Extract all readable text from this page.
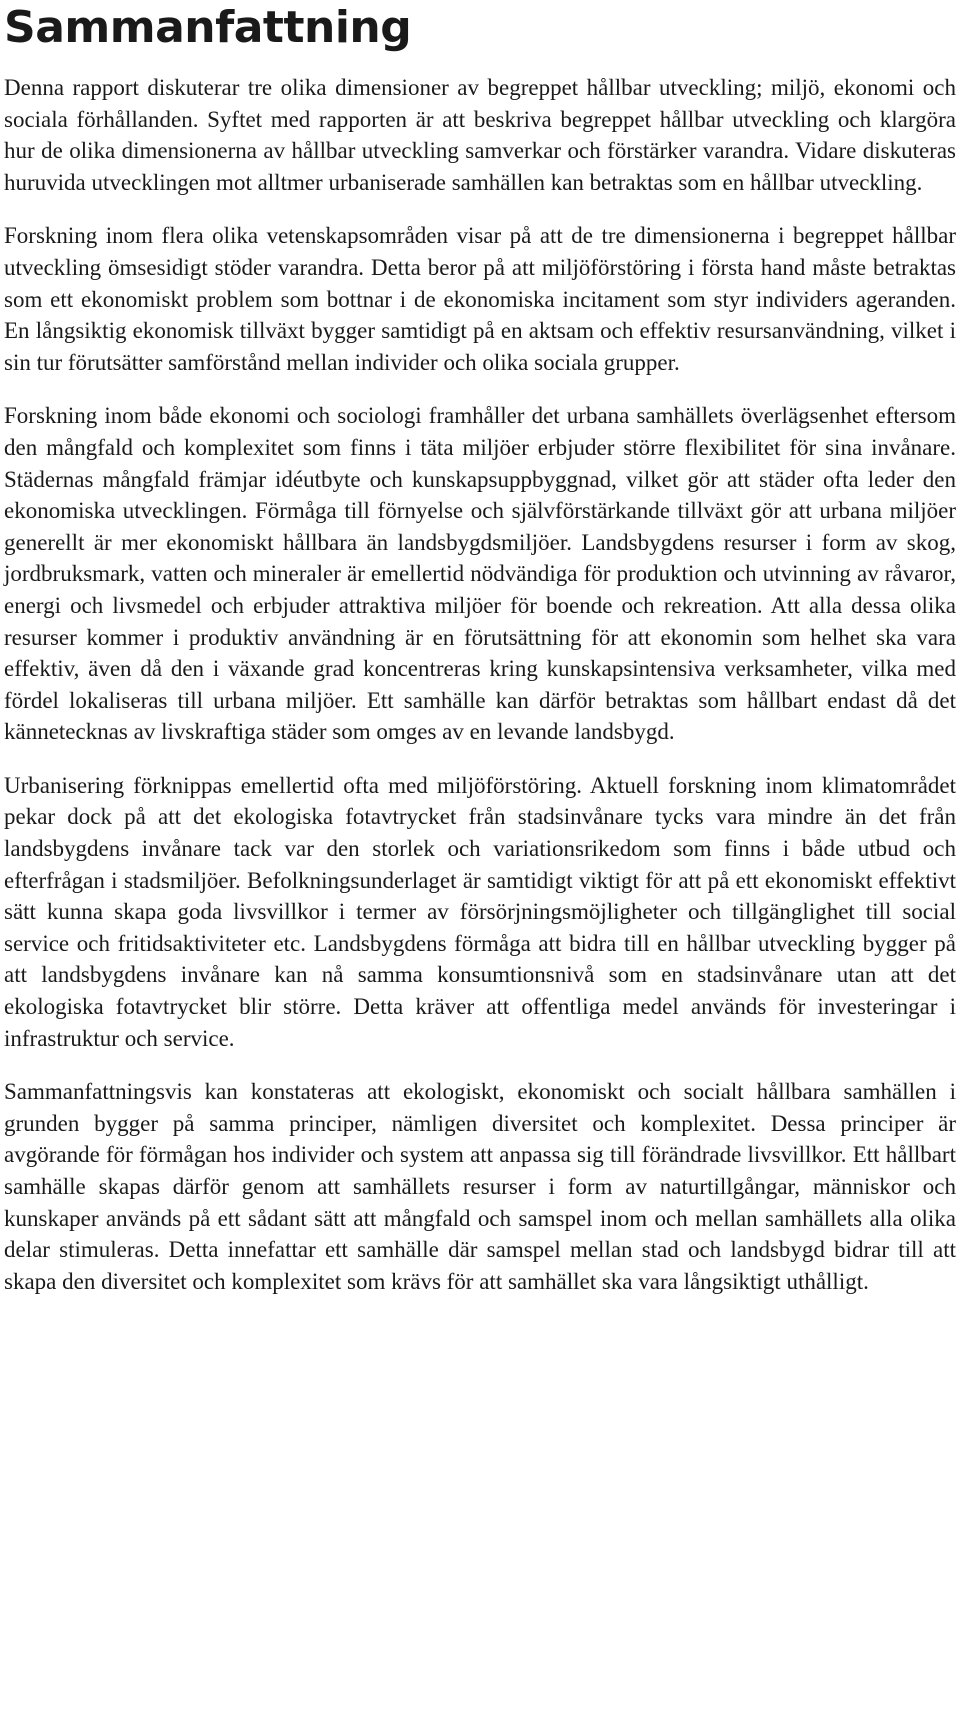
Sammanfattning

Denna rapport diskuterar tre olika dimensioner av begreppet hållbar utveckling; miljö, ekonomi och sociala förhållanden. Syftet med rapporten är att beskriva begreppet hållbar utveckling och klargöra hur de olika dimensionerna av hållbar utveckling samverkar och förstärker varandra. Vidare diskuteras huruvida utvecklingen mot alltmer urbaniserade samhällen kan betraktas som en hållbar utveckling.

Forskning inom flera olika vetenskapsområden visar på att de tre dimensionerna i begreppet hållbar utveckling ömsesidigt stöder varandra. Detta beror på att miljöförstöring i första hand måste betraktas som ett ekonomiskt problem som bottnar i de ekonomiska incitament som styr individers ageranden. En långsiktig ekonomisk tillväxt bygger samtidigt på en aktsam och effektiv resursanvändning, vilket i sin tur förutsätter samförstånd mellan individer och olika sociala grupper.

Forskning inom både ekonomi och sociologi framhåller det urbana samhällets överlägsenhet eftersom den mångfald och komplexitet som finns i täta miljöer erbjuder större flexibilitet för sina invånare. Städernas mångfald främjar idéutbyte och kunskapsuppbyggnad, vilket gör att städer ofta leder den ekonomiska utvecklingen. Förmåga till förnyelse och självförstärkande tillväxt gör att urbana miljöer generellt är mer ekonomiskt hållbara än landsbygdsmiljöer. Landsbygdens resurser i form av skog, jordbruksmark, vatten och mineraler är emellertid nödvändiga för produktion och utvinning av råvaror, energi och livsmedel och erbjuder attraktiva miljöer för boende och rekreation. Att alla dessa olika resurser kommer i produktiv användning är en förutsättning för att ekonomin som helhet ska vara effektiv, även då den i växande grad koncentreras kring kunskapsintensiva verksamheter, vilka med fördel lokaliseras till urbana miljöer. Ett samhälle kan därför betraktas som hållbart endast då det kännetecknas av livskraftiga städer som omges av en levande landsbygd.

Urbanisering förknippas emellertid ofta med miljöförstöring. Aktuell forskning inom klimatområdet pekar dock på att det ekologiska fotavtrycket från stadsinvånare tycks vara mindre än det från landsbygdens invånare tack var den storlek och variationsrikedom som finns i både utbud och efterfrågan i stadsmiljöer. Befolkningsunderlaget är samtidigt viktigt för att på ett ekonomiskt effektivt sätt kunna skapa goda livsvillkor i termer av försörjningsmöjligheter och tillgänglighet till social service och fritidsaktiviteter etc. Landsbygdens förmåga att bidra till en hållbar utveckling bygger på att landsbygdens invånare kan nå samma konsumtionsnivå som en stadsinvånare utan att det ekologiska fotavtrycket blir större. Detta kräver att offentliga medel används för investeringar i infrastruktur och service.

Sammanfattningsvis kan konstateras att ekologiskt, ekonomiskt och socialt hållbara samhällen i grunden bygger på samma principer, nämligen diversitet och komplexitet. Dessa principer är avgörande för förmågan hos individer och system att anpassa sig till förändrade livsvillkor. Ett hållbart samhälle skapas därför genom att samhällets resurser i form av naturtillgångar, människor och kunskaper används på ett sådant sätt att mångfald och samspel inom och mellan samhällets alla olika delar stimuleras. Detta innefattar ett samhälle där samspel mellan stad och landsbygd bidrar till att skapa den diversitet och komplexitet som krävs för att samhället ska vara långsiktigt uthålligt.
